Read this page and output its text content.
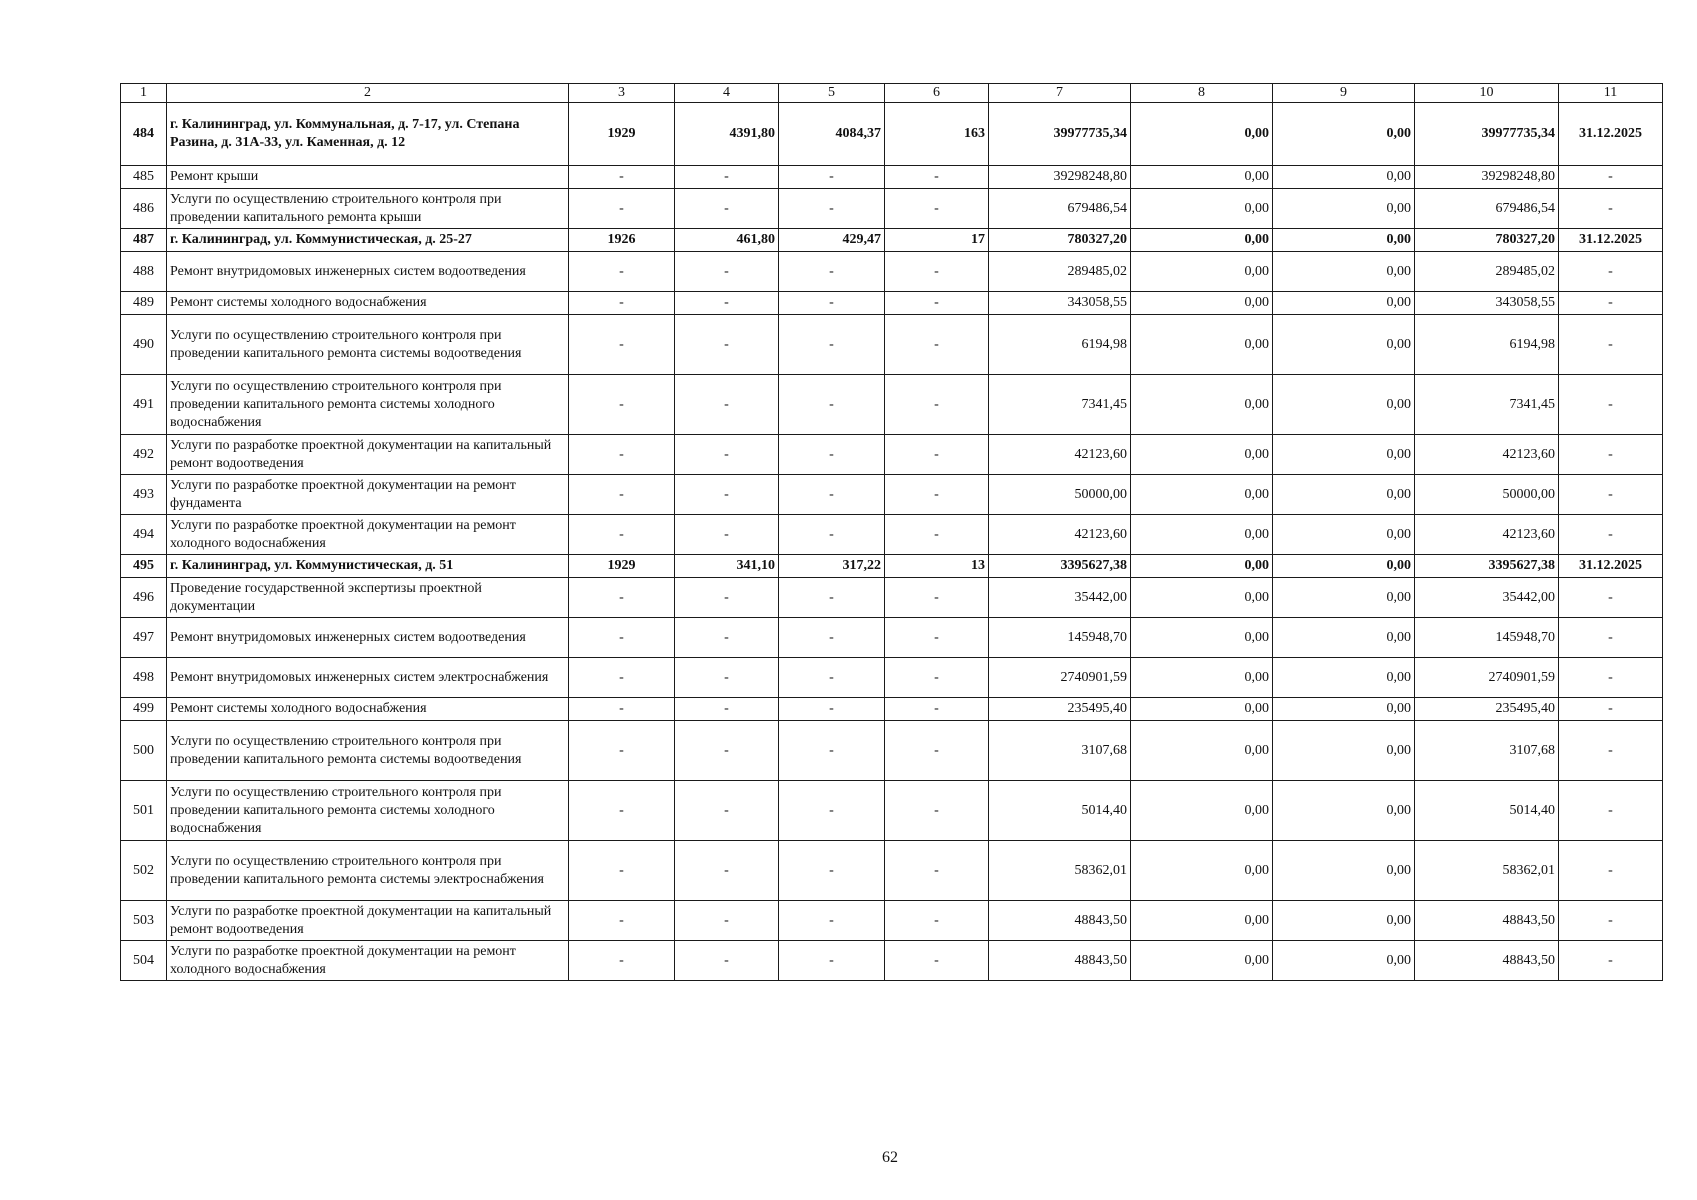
1	2	3	4	5	6	7	8	9	10	11
484	г. Калининград, ул. Коммунальная, д. 7-17, ул. Степана Разина, д. 31А-33, ул. Каменная, д. 12	1929	4391,80	4084,37	163	39977735,34	0,00	0,00	39977735,34	31.12.2025
485	Ремонт крыши	-	-	-	-	39298248,80	0,00	0,00	39298248,80	-
486	Услуги по осуществлению строительного контроля при проведении капитального ремонта крыши	-	-	-	-	679486,54	0,00	0,00	679486,54	-
487	г. Калининград, ул. Коммунистическая, д. 25-27	1926	461,80	429,47	17	780327,20	0,00	0,00	780327,20	31.12.2025
488	Ремонт внутридомовых инженерных систем водоотведения	-	-	-	-	289485,02	0,00	0,00	289485,02	-
489	Ремонт системы холодного водоснабжения	-	-	-	-	343058,55	0,00	0,00	343058,55	-
490	Услуги по осуществлению строительного контроля при проведении капитального ремонта системы водоотведения	-	-	-	-	6194,98	0,00	0,00	6194,98	-
491	Услуги по осуществлению строительного контроля при проведении капитального ремонта системы холодного водоснабжения	-	-	-	-	7341,45	0,00	0,00	7341,45	-
492	Услуги по разработке проектной документации на капитальный ремонт водоотведения	-	-	-	-	42123,60	0,00	0,00	42123,60	-
493	Услуги по разработке проектной документации на ремонт фундамента	-	-	-	-	50000,00	0,00	0,00	50000,00	-
494	Услуги по разработке проектной документации на ремонт холодного водоснабжения	-	-	-	-	42123,60	0,00	0,00	42123,60	-
495	г. Калининград, ул. Коммунистическая, д. 51	1929	341,10	317,22	13	3395627,38	0,00	0,00	3395627,38	31.12.2025
496	Проведение государственной экспертизы проектной документации	-	-	-	-	35442,00	0,00	0,00	35442,00	-
497	Ремонт внутридомовых инженерных систем водоотведения	-	-	-	-	145948,70	0,00	0,00	145948,70	-
498	Ремонт внутридомовых инженерных систем электроснабжения	-	-	-	-	2740901,59	0,00	0,00	2740901,59	-
499	Ремонт системы холодного водоснабжения	-	-	-	-	235495,40	0,00	0,00	235495,40	-
500	Услуги по осуществлению строительного контроля при проведении капитального ремонта системы водоотведения	-	-	-	-	3107,68	0,00	0,00	3107,68	-
501	Услуги по осуществлению строительного контроля при проведении капитального ремонта системы холодного водоснабжения	-	-	-	-	5014,40	0,00	0,00	5014,40	-
502	Услуги по осуществлению строительного контроля при проведении капитального ремонта системы электроснабжения	-	-	-	-	58362,01	0,00	0,00	58362,01	-
503	Услуги по разработке проектной документации на капитальный ремонт водоотведения	-	-	-	-	48843,50	0,00	0,00	48843,50	-
504	Услуги по разработке проектной документации на ремонт холодного водоснабжения	-	-	-	-	48843,50	0,00	0,00	48843,50	-
62
